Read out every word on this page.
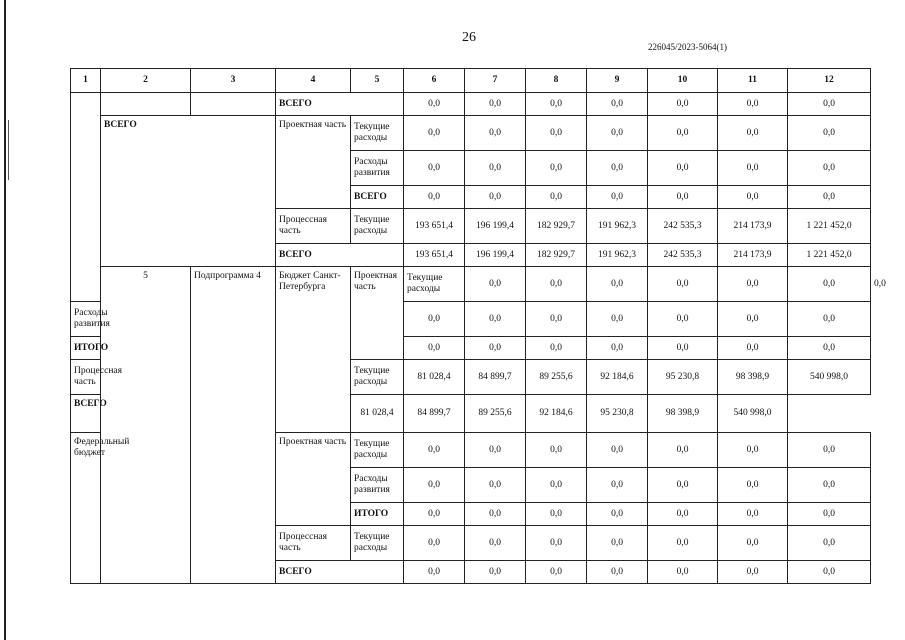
26
226045/2023-5064(1)
1	2	3	4	5	6	7	8	9	10	11	12	
			ВСЕГО		0,0	0,0	0,0	0,0	0,0	0,0	0,0	
	ВСЕГО		Проектная часть	Текущие расходы	0,0	0,0	0,0	0,0	0,0	0,0	0,0	
				Расходы развития	0,0	0,0	0,0	0,0	0,0	0,0	0,0	
				ВСЕГО	0,0	0,0	0,0	0,0	0,0	0,0	0,0	
			Процессная часть	Текущие расходы	193 651,4	196 199,4	182 929,7	191 962,3	242 535,3	214 173,9	1 221 452,0	
			ВСЕГО		193 651,4	196 199,4	182 929,7	191 962,3	242 535,3	214 173,9	1 221 452,0	
	5	Подпрограмма 4	Бюджет Санкт-Петербурга	Проектная часть	Текущие расходы	0,0	0,0	0,0	0,0	0,0	0,0	0,0
Расходы развития					0,0	0,0	0,0	0,0	0,0	0,0	0,0	
ИТОГО					0,0	0,0	0,0	0,0	0,0	0,0	0,0	
Процессная часть				Текущие расходы	81 028,4	84 899,7	89 255,6	92 184,6	95 230,8	98 398,9	540 998,0	
ВСЕГО				81 028,4	84 899,7	89 255,6	92 184,6	95 230,8	98 398,9	540 998,0		
Федеральный бюджет			Проектная часть	Текущие расходы	0,0	0,0	0,0	0,0	0,0	0,0	0,0	
				Расходы развития	0,0	0,0	0,0	0,0	0,0	0,0	0,0	
				ИТОГО	0,0	0,0	0,0	0,0	0,0	0,0	0,0	
			Процессная часть	Текущие расходы	0,0	0,0	0,0	0,0	0,0	0,0	0,0	
			ВСЕГО		0,0	0,0	0,0	0,0	0,0	0,0	0,0	
